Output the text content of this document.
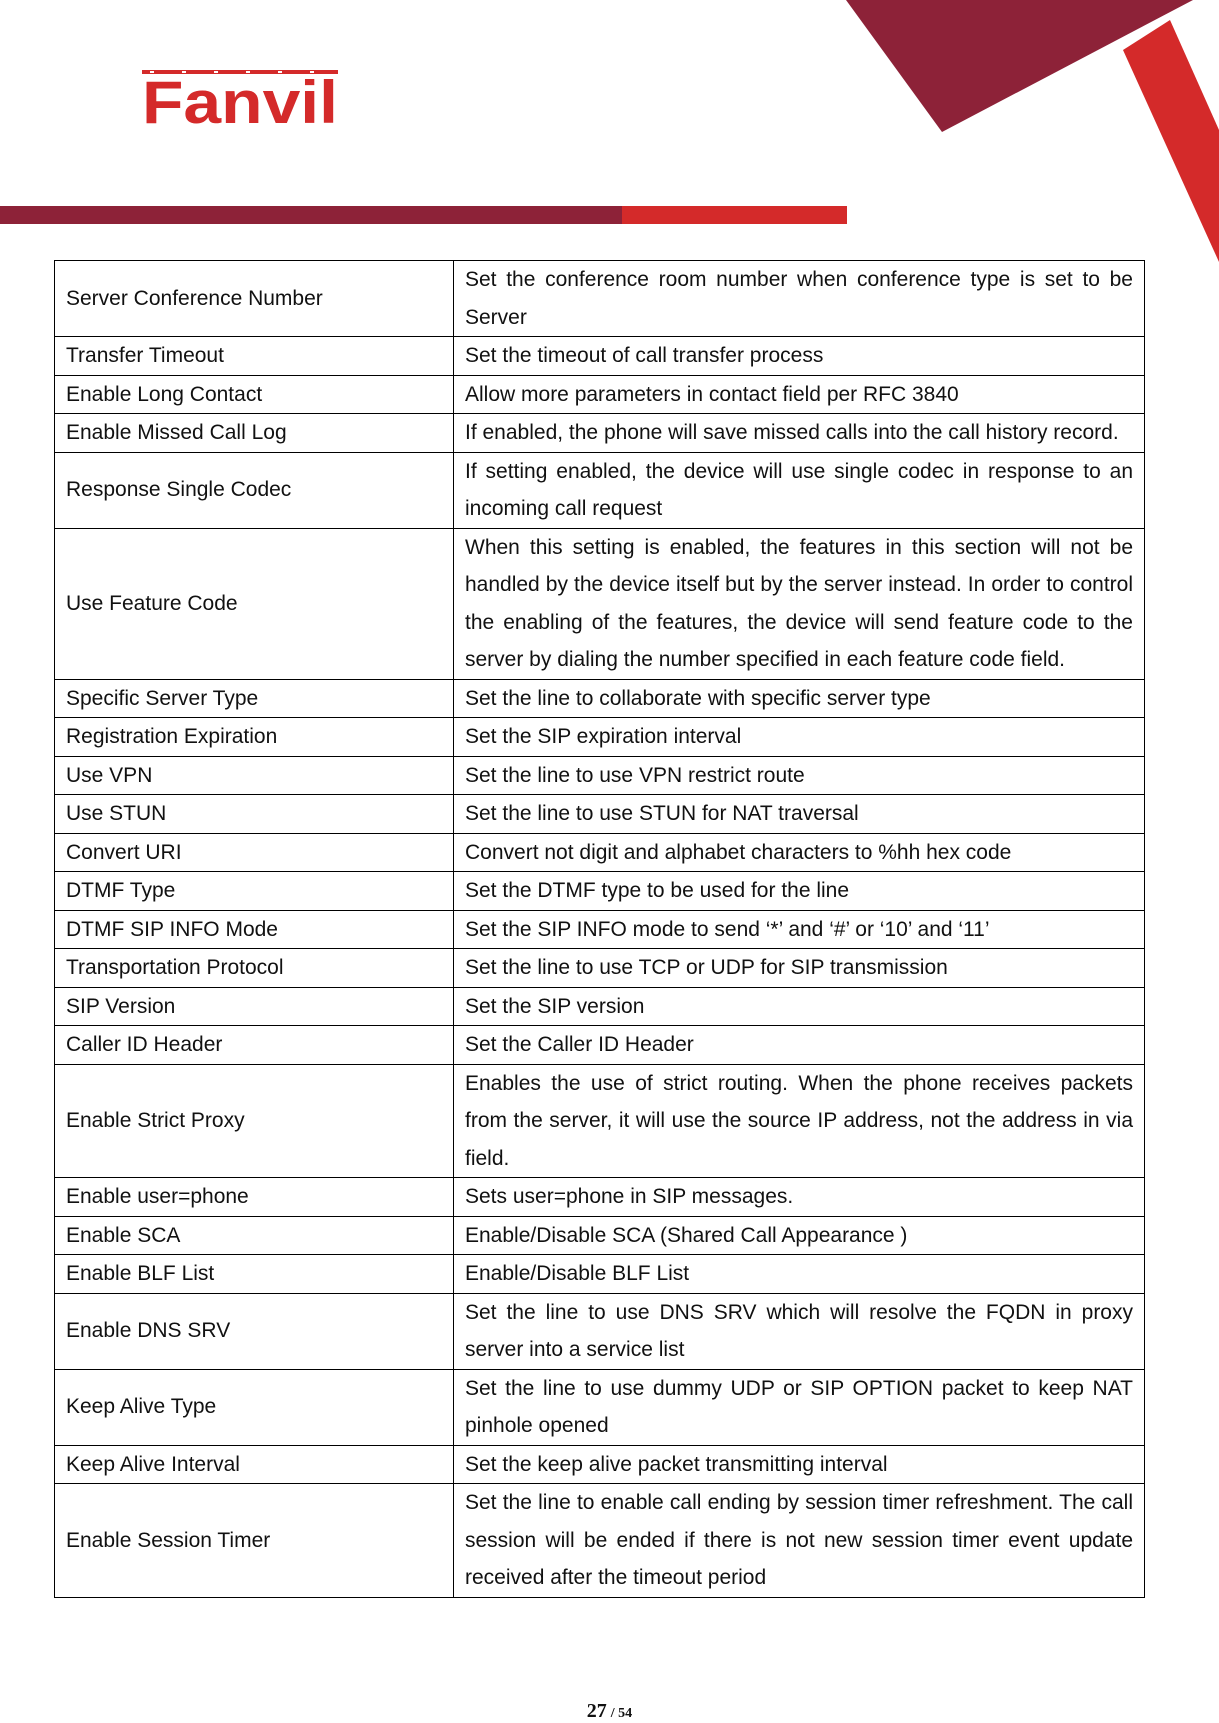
Fanvil
Server Conference Number	Set the conference room number when conference type is set to be Server
Transfer Timeout	Set the timeout of call transfer process
Enable Long Contact	Allow more parameters in contact field per RFC 3840
Enable Missed Call Log	If enabled, the phone will save missed calls into the call history record.
Response Single Codec	If setting enabled, the device will use single codec in response to an incoming call request
Use Feature Code	When this setting is enabled, the features in this section will not be handled by the device itself but by the server instead. In order to control the enabling of the features, the device will send feature code to the server by dialing the number specified in each feature code field.
Specific Server Type	Set the line to collaborate with specific server type
Registration Expiration	Set the SIP expiration interval
Use VPN	Set the line to use VPN restrict route
Use STUN	Set the line to use STUN for NAT traversal
Convert URI	Convert not digit and alphabet characters to %hh hex code
DTMF Type	Set the DTMF type to be used for the line
DTMF SIP INFO Mode	Set the SIP INFO mode to send ‘*’ and ‘#’ or ‘10’ and ‘11’
Transportation Protocol	Set the line to use TCP or UDP for SIP transmission
SIP Version	Set the SIP version
Caller ID Header	Set the Caller ID Header
Enable Strict Proxy	Enables the use of strict routing. When the phone receives packets from the server, it will use the source IP address, not the address in via field.
Enable user=phone	Sets user=phone in SIP messages.
Enable SCA	Enable/Disable SCA (Shared Call Appearance )
Enable BLF List	Enable/Disable BLF List
Enable DNS SRV	Set the line to use DNS SRV which will resolve the FQDN in proxy server into a service list
Keep Alive Type	Set the line to use dummy UDP or SIP OPTION packet to keep NAT pinhole opened
Keep Alive Interval	Set the keep alive packet transmitting interval
Enable Session Timer	Set the line to enable call ending by session timer refreshment. The call session will be ended if there is not new session timer event update received after the timeout period
27 / 54
